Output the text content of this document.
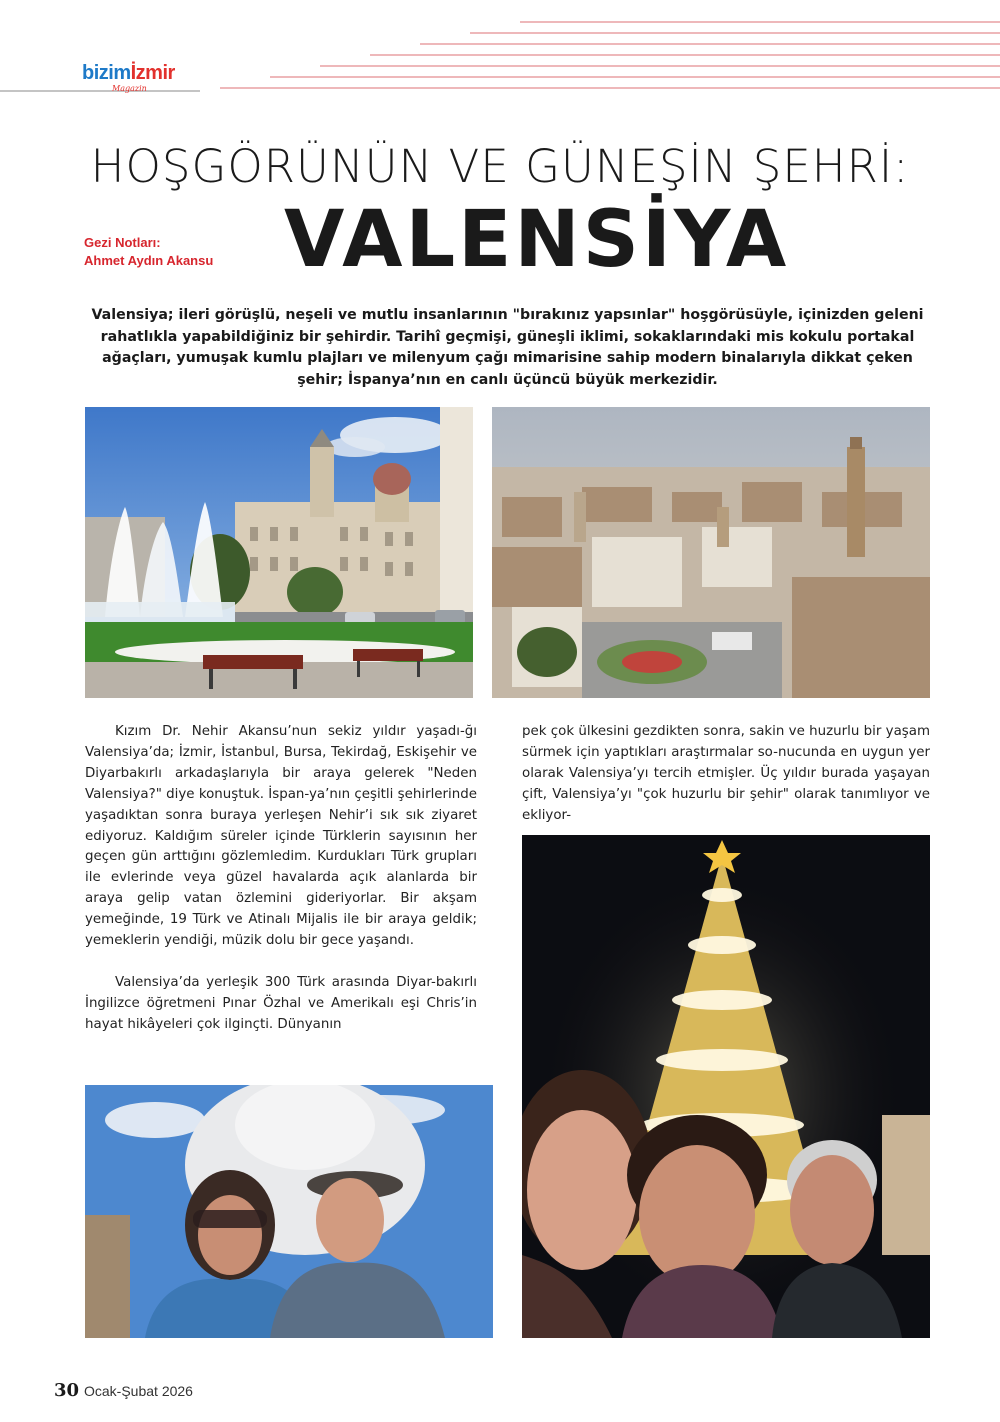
bizimİzmir
Magazin
HOŞGÖRÜNÜN VE GÜNEŞİN ŞEHRİ:
VALENSİYA
Gezi Notları:
Ahmet Aydın Akansu
Valensiya; ileri görüşlü, neşeli ve mutlu insanlarının "bırakınız yapsınlar" hoşgörüsüyle, içinizden geleni rahatlıkla yapabildiğiniz bir şehirdir. Tarihî geçmişi, güneşli iklimi, sokaklarındaki mis kokulu portakal ağaçları, yumuşak kumlu plajları ve milenyum çağı mimarisine sahip modern binalarıyla dikkat çeken şehir; İspanya’nın en canlı üçüncü büyük merkezidir.

Kızım Dr. Nehir Akansu’nun sekiz yıldır yaşadı-ğı Valensiya’da; İzmir, İstanbul, Bursa, Tekirdağ, Eskişehir ve Diyarbakırlı arkadaşlarıyla bir araya gelerek "Neden Valensiya?" diye konuştuk. İspan-ya’nın çeşitli şehirlerinde yaşadıktan sonra buraya yerleşen Nehir’i sık sık ziyaret ediyoruz. Kaldığım süreler içinde Türklerin sayısının her geçen gün arttığını gözlemledim. Kurdukları Türk grupları ile evlerinde veya güzel havalarda açık alanlarda bir araya gelip vatan özlemini gideriyorlar. Bir akşam yemeğinde, 19 Türk ve Atinalı Mijalis ile bir araya geldik; yemeklerin yendiği, müzik dolu bir gece yaşandı.

Valensiya’da yerleşik 300 Türk arasında Diyar-bakırlı İngilizce öğretmeni Pınar Özhal ve Amerikalı eşi Chris’in hayat hikâyeleri çok ilginçti. Dünyanın

pek çok ülkesini gezdikten sonra, sakin ve huzurlu bir yaşam sürmek için yaptıkları araştırmalar so-nucunda en uygun yer olarak Valensiya’yı tercih etmişler. Üç yıldır burada yaşayan çift, Valensiya’yı "çok huzurlu bir şehir" olarak tanımlıyor ve ekliyor-

30 Ocak-Şubat 2026
